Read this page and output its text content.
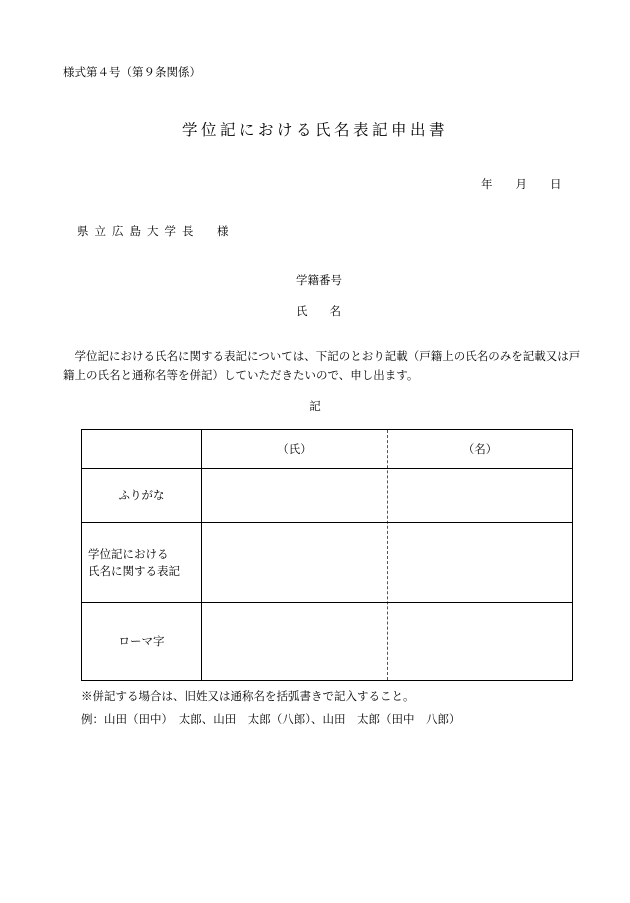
様式第４号（第９条関係）
学位記における氏名表記申出書
年 月 日
県立広島大学長　様
学籍番号
氏名
学位記における氏名に関する表記については、下記のとおり記載（戸籍上の氏名のみを記載又は戸籍上の氏名と通称名等を併記）していただきたいので、申し出ます。
記
（氏）	（名）
ふりがな
学位記における
氏名に関する表記
ローマ字
※併記する場合は、旧姓又は通称名を括弧書きで記入すること。
例：山田（田中）　太郎、山田　太郎（八郎）、山田　太郎（田中　八郎）
